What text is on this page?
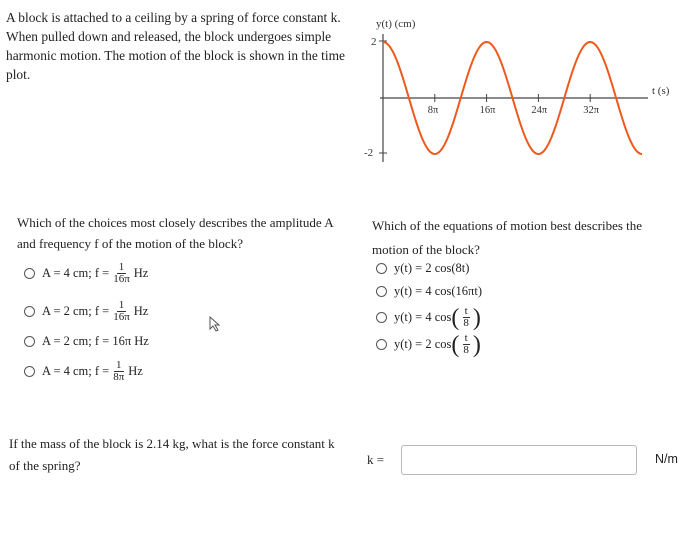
A block is attached to a ceiling by a spring of force constant k. When pulled down and released, the block undergoes simple harmonic motion. The motion of the block is shown in the time plot.
y(t) (cm)
t (s)
2
-2
8π	16π	24π	32π
Which of the choices most closely describes the amplitude A and frequency f of the motion of the block?
A = 4 cm; $f = \frac{1}{16\pi}$ Hz
A = 2 cm; $f = \frac{1}{16\pi}$ Hz
A = 2 cm; f = 16π Hz
A = 4 cm; $f = \frac{1}{8\pi}$ Hz
Which of the equations of motion best describes the motion of the block?
y(t) = 2 cos(8t)
y(t) = 4 cos(16πt)
y(t) = 4 cos ( $\frac{t}{8}$ )
y(t) = 2 cos ( $\frac{t}{8}$ )
If the mass of the block is 2.14 kg, what is the force constant k of the spring?	k =	N/m
